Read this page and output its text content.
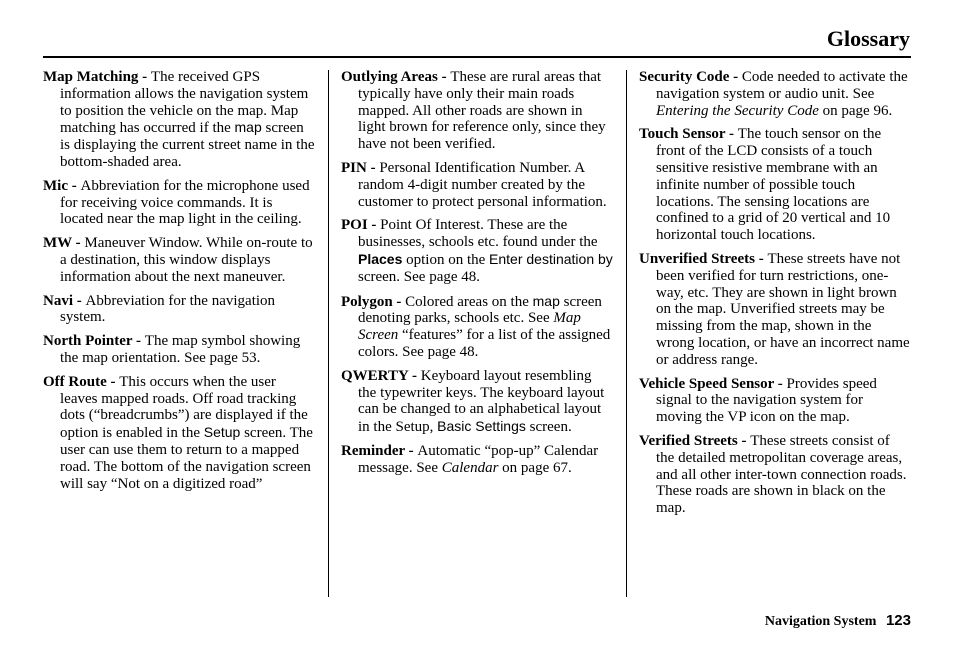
Glossary

Map Matching - The received GPS information allows the navigation system to position the vehicle on the map. Map matching has occurred if the map screen is displaying the current street name in the bottom-shaded area.

Mic - Abbreviation for the microphone used for receiving voice commands. It is located near the map light in the ceiling.

MW - Maneuver Window. While on-route to a destination, this window displays information about the next maneuver.

Navi - Abbreviation for the navigation system.

North Pointer - The map symbol showing the map orientation. See page 53.

Off Route - This occurs when the user leaves mapped roads. Off road tracking dots (“breadcrumbs”) are displayed if the option is enabled in the Setup screen. The user can use them to return to a mapped road. The bottom of the navigation screen will say “Not on a digitized road”

Outlying Areas - These are rural areas that typically have only their main roads mapped. All other roads are shown in light brown for reference only, since they have not been verified.

PIN - Personal Identification Number. A random 4-digit number created by the customer to protect personal information.

POI - Point Of Interest. These are the businesses, schools etc. found under the Places option on the Enter destination by screen. See page 48.

Polygon - Colored areas on the map screen denoting parks, schools etc. See Map Screen “features” for a list of the assigned colors. See page 48.

QWERTY - Keyboard layout resembling the typewriter keys. The keyboard layout can be changed to an alphabetical layout in the Setup, Basic Settings screen.

Reminder - Automatic “pop-up” Calendar message. See Calendar on page 67.

Security Code - Code needed to activate the navigation system or audio unit. See Entering the Security Code on page 96.

Touch Sensor - The touch sensor on the front of the LCD consists of a touch sensitive resistive membrane with an infinite number of possible touch locations. The sensing locations are confined to a grid of 20 vertical and 10 horizontal touch locations.

Unverified Streets - These streets have not been verified for turn restrictions, one-way, etc. They are shown in light brown on the map. Unverified streets may be missing from the map, shown in the wrong location, or have an incorrect name or address range.

Vehicle Speed Sensor - Provides speed signal to the navigation system for moving the VP icon on the map.

Verified Streets - These streets consist of the detailed metropolitan coverage areas, and all other inter-town connection roads. These roads are shown in black on the map.

Navigation System 123
